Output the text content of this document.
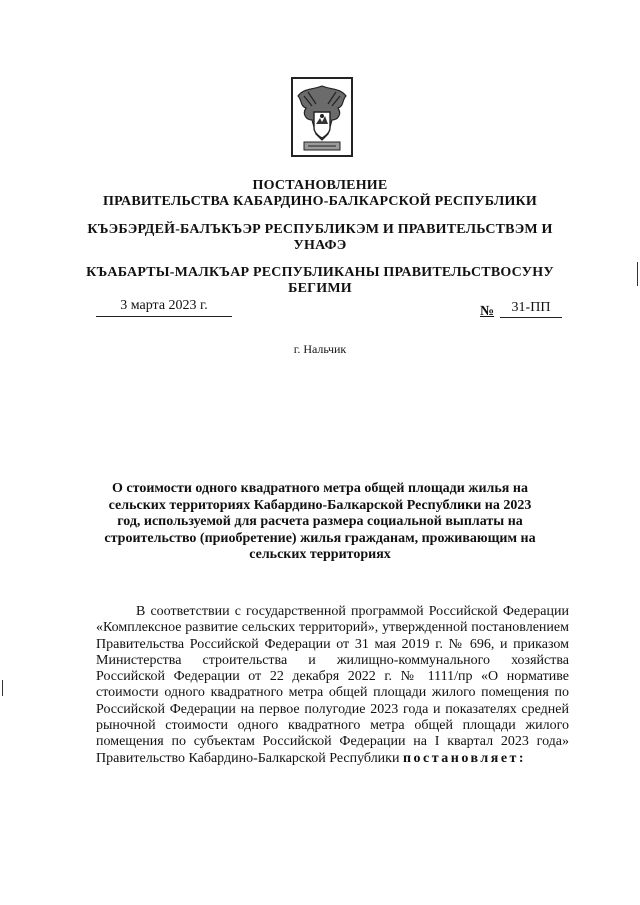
ПОСТАНОВЛЕНИЕ
ПРАВИТЕЛЬСТВА КАБАРДИНО-БАЛКАРСКОЙ РЕСПУБЛИКИ
КЪЭБЭРДЕЙ-БАЛЪКЪЭР РЕСПУБЛИКЭМ И ПРАВИТЕЛЬСТВЭМ И УНАФЭ
КЪАБАРТЫ-МАЛКЪАР РЕСПУБЛИКАНЫ ПРАВИТЕЛЬСТВОСУНУ БЕГИМИ
3 марта 2023 г.	№	31-ПП
г. Нальчик
О стоимости одного квадратного метра общей площади жилья на сельских территориях Кабардино-Балкарской Республики на 2023 год, используемой для расчета размера социальной выплаты на строительство (приобретение) жилья гражданам, проживающим на сельских территориях
В соответствии с государственной программой Российской Федерации «Комплексное развитие сельских территорий», утвержденной постановлением Правительства Российской Федерации от 31 мая 2019 г. № 696, и приказом Министерства строительства и жилищно-коммунального хозяйства Российской Федерации от 22 декабря 2022 г. № 1111/пр «О нормативе стоимости одного квадратного метра общей площади жилого помещения по Российской Федерации на первое полугодие 2023 года и показателях средней рыночной стоимости одного квадратного метра общей площади жилого помещения по субъектам Российской Федерации на I квартал 2023 года» Правительство Кабардино-Балкарской Республики постановляет:
